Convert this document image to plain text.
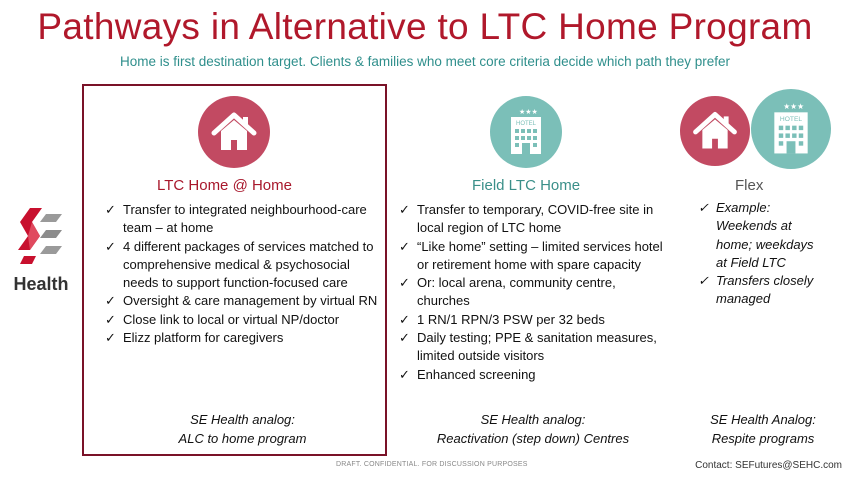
Pathways in Alternative to LTC Home Program
Home is first destination target. Clients & families who meet core criteria decide which path they prefer
Health
LTC Home @ Home
✓ Transfer to integrated neighbourhood-care team – at home
✓ 4 different packages of services matched to comprehensive medical & psychosocial needs to support function-focused care
✓ Oversight & care management by virtual RN
✓ Close link to local or virtual NP/doctor
✓ Elizz platform for caregivers
SE Health analog:
ALC to home program
★★★
HOTEL
Field LTC Home
✓ Transfer to temporary, COVID-free site in local region of LTC home
✓ “Like home” setting – limited services hotel or retirement home with spare capacity
✓ Or: local arena, community centre, churches
✓ 1 RN/1 RPN/3 PSW per 32 beds
✓ Daily testing; PPE & sanitation measures, limited outside visitors
✓ Enhanced screening
SE Health analog:
Reactivation (step down) Centres
★★★
HOTEL
Flex
✓ Example: Weekends at home; weekdays at Field LTC
✓ Transfers closely managed
SE Health Analog:
Respite programs
DRAFT. CONFIDENTIAL. FOR DISCUSSION PURPOSES	Contact: SEFutures@SEHC.com
